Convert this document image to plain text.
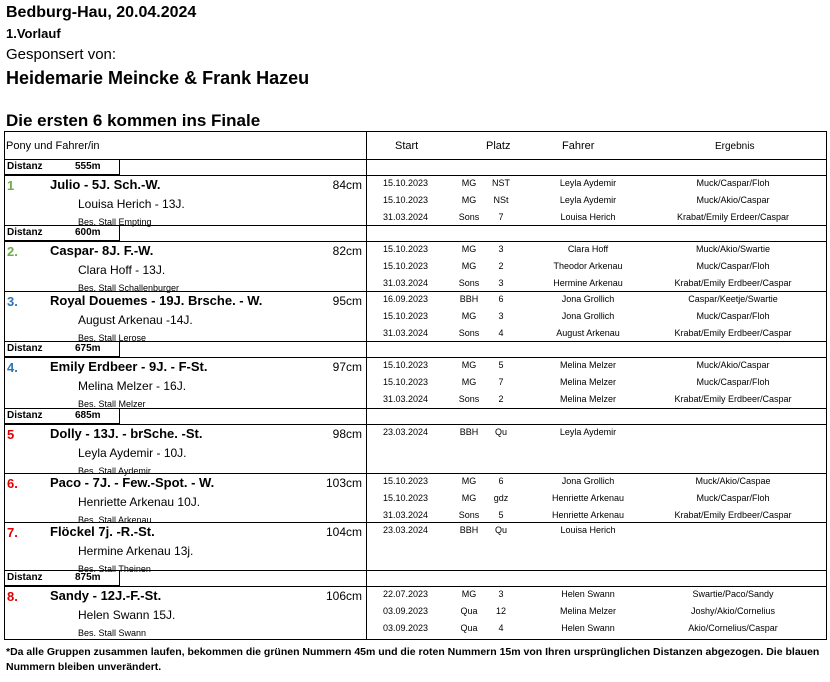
Bedburg-Hau, 20.04.2024
1.Vorlauf
Gesponsert von:
Heidemarie Meincke & Frank Hazeu
Die ersten 6 kommen ins Finale
Pony und Fahrer/in	Start	Platz	Fahrer	Ergebnis
Distanz	555m
1	Julio - 5J. Sch.-W.	84cm
Louisa Herich - 13J.
Bes. Stall Empting
15.10.2023	MG	NST	Leyla Aydemir	Muck/Caspar/Floh
15.10.2023	MG	NSt	Leyla Aydemir	Muck/Akio/Caspar
31.03.2024	Sons	7	Louisa Herich	Krabat/Emily Erdeer/Caspar
Distanz	600m
2. Caspar- 8J. F.-W.	82cm
Clara Hoff - 13J.
Bes. Stall Schallenburger
15.10.2023	MG	3	Clara Hoff	Muck/Akio/Swartie
15.10.2023	MG	2	Theodor Arkenau	Muck/Caspar/Floh
31.03.2024	Sons	3	Hermine Arkenau	Krabat/Emily Erdbeer/Caspar
3. Royal Douemes - 19J. Brsche. - W.	95cm
August Arkenau -14J.
Bes. Stall Lerose
16.09.2023	BBH	6	Jona Grollich	Caspar/Keetje/Swartie
15.10.2023	MG	3	Jona Grollich	Muck/Caspar/Floh
31.03.2024	Sons	4	August Arkenau	Krabat/Emily Erdbeer/Caspar
Distanz	675m
4. Emily Erdbeer - 9J. - F-St.	97cm
Melina Melzer - 16J.
Bes. Stall Melzer
15.10.2023	MG	5	Melina Melzer	Muck/Akio/Caspar
15.10.2023	MG	7	Melina Melzer	Muck/Caspar/Floh
31.03.2024	Sons	2	Melina Melzer	Krabat/Emily Erdbeer/Caspar
Distanz	685m
5	Dolly - 13J. - brSche. -St.	98cm
Leyla Aydemir - 10J.
Bes. Stall Aydemir
23.03.2024	BBH	Qu	Leyla Aydemir
6. Paco - 7J. - Few.-Spot. - W.	103cm
Henriette Arkenau 10J.
Bes. Stall Arkenau
15.10.2023	MG	6	Jona Grollich	Muck/Akio/Caspae
15.10.2023	MG	gdz	Henriette Arkenau	Muck/Caspar/Floh
31.03.2024	Sons	5	Henriette Arkenau	Krabat/Emily Erdbeer/Caspar
7. Flöckel 7j. -R.-St.	104cm
Hermine Arkenau 13j.
Bes. Stall Theinen
23.03.2024	BBH	Qu	Louisa Herich
Distanz	875m
8. Sandy - 12J.-F.-St.	106cm
Helen Swann 15J.
Bes. Stall Swann
22.07.2023	MG	3	Helen Swann	Swartie/Paco/Sandy
03.09.2023	Qua	12	Melina Melzer	Joshy/Akio/Cornelius
03.09.2023	Qua	4	Helen Swann	Akio/Cornelius/Caspar
*Da alle Gruppen zusammen laufen, bekommen die grünen Nummern 45m und die roten Nummern 15m von Ihren ursprünglichen Distanzen abgezogen. Die blauen Nummern bleiben unverändert.
